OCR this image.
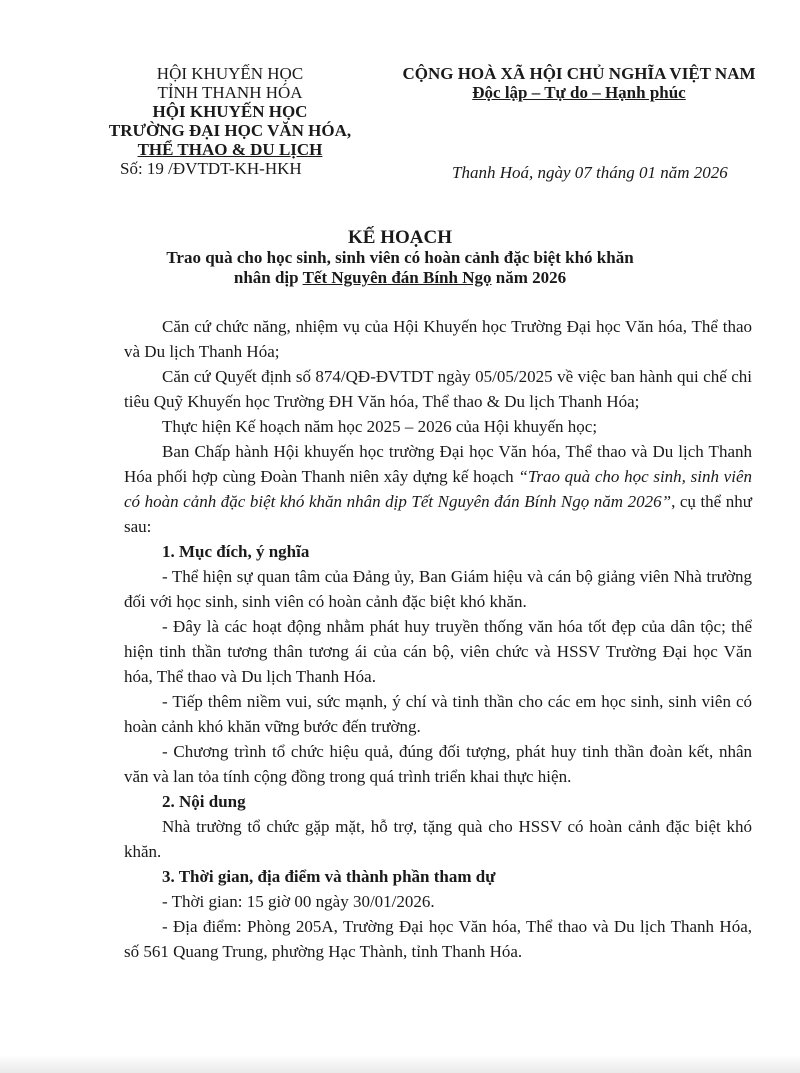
HỘI KHUYẾN HỌC
TỈNH THANH HÓA
HỘI KHUYẾN HỌC
TRƯỜNG ĐẠI HỌC VĂN HÓA,
THỂ THAO & DU LỊCH
Số: 19 /ĐVTDT-KH-HKH
CỘNG HOÀ XÃ HỘI CHỦ NGHĨA VIỆT NAM
Độc lập – Tự do – Hạnh phúc
Thanh Hoá, ngày 07 tháng 01 năm 2026
KẾ HOẠCH
Trao quà cho học sinh, sinh viên có hoàn cảnh đặc biệt khó khăn
nhân dịp Tết Nguyên đán Bính Ngọ năm 2026

Căn cứ chức năng, nhiệm vụ của Hội Khuyến học Trường Đại học Văn hóa, Thể thao và Du lịch Thanh Hóa;

Căn cứ Quyết định số 874/QĐ-ĐVTDT ngày 05/05/2025 về việc ban hành qui chế chi tiêu Quỹ Khuyến học Trường ĐH Văn hóa, Thể thao & Du lịch Thanh Hóa;

Thực hiện Kế hoạch năm học 2025 – 2026 của Hội khuyến học;

Ban Chấp hành Hội khuyến học trường Đại học Văn hóa, Thể thao và Du lịch Thanh Hóa phối hợp cùng Đoàn Thanh niên xây dựng kế hoạch “Trao quà cho học sinh, sinh viên có hoàn cảnh đặc biệt khó khăn nhân dịp Tết Nguyên đán Bính Ngọ năm 2026”, cụ thể như sau:

1. Mục đích, ý nghĩa

- Thể hiện sự quan tâm của Đảng ủy, Ban Giám hiệu và cán bộ giảng viên Nhà trường đối với học sinh, sinh viên có hoàn cảnh đặc biệt khó khăn.

- Đây là các hoạt động nhằm phát huy truyền thống văn hóa tốt đẹp của dân tộc; thể hiện tinh thần tương thân tương ái của cán bộ, viên chức và HSSV Trường Đại học Văn hóa, Thể thao và Du lịch Thanh Hóa.

- Tiếp thêm niềm vui, sức mạnh, ý chí và tinh thần cho các em học sinh, sinh viên có hoàn cảnh khó khăn vững bước đến trường.

- Chương trình tổ chức hiệu quả, đúng đối tượng, phát huy tinh thần đoàn kết, nhân văn và lan tỏa tính cộng đồng trong quá trình triển khai thực hiện.

2. Nội dung

Nhà trường tổ chức gặp mặt, hỗ trợ, tặng quà cho HSSV có hoàn cảnh đặc biệt khó khăn.

3. Thời gian, địa điểm và thành phần tham dự

- Thời gian: 15 giờ 00 ngày 30/01/2026.

- Địa điểm: Phòng 205A, Trường Đại học Văn hóa, Thể thao và Du lịch Thanh Hóa, số 561 Quang Trung, phường Hạc Thành, tỉnh Thanh Hóa.
